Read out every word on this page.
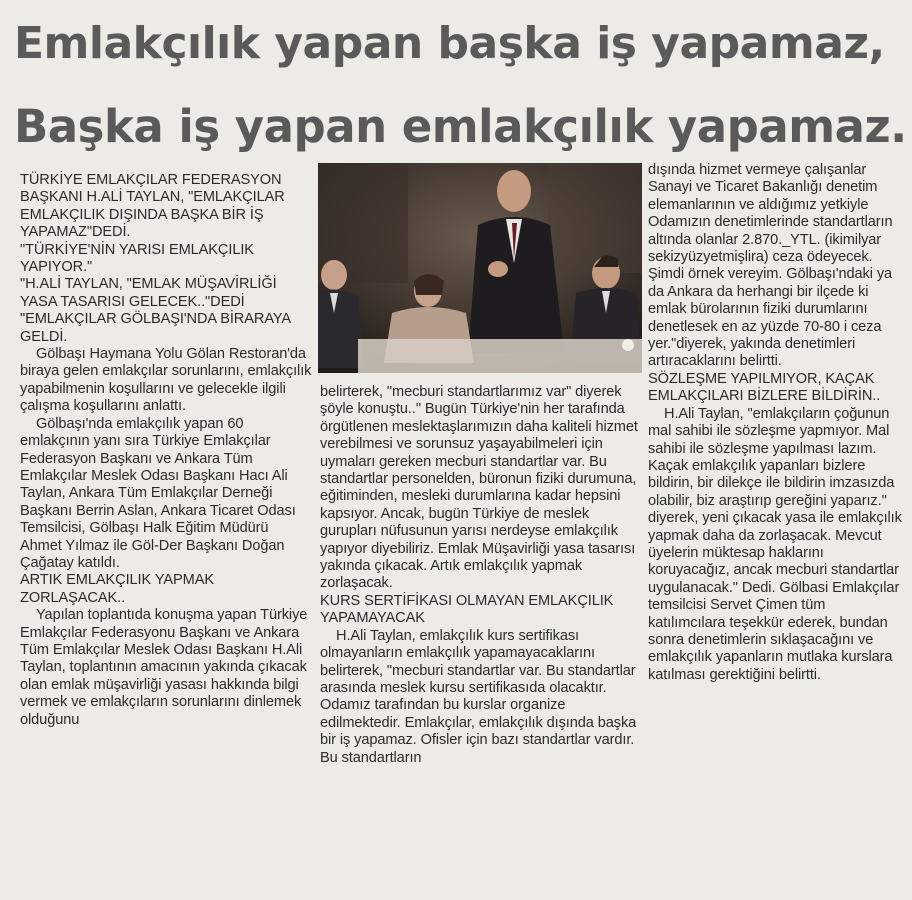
Emlakçılık yapan başka iş yapamaz,
Başka iş yapan emlakçılık yapamaz.

TÜRKİYE EMLAKÇILAR FEDERASYON BAŞKANI H.ALİ TAYLAN, "EMLAKÇILAR EMLAKÇILIK DIŞINDA BAŞKA BİR İŞ YAPAMAZ"DEDİ.

"TÜRKİYE'NİN YARISI EMLAKÇILIK YAPIYOR."

"H.ALİ TAYLAN, "EMLAK MÜŞAVİRLİĞİ YASA TASARISI GELECEK.."DEDİ

"EMLAKÇILAR GÖLBAŞI'NDA BİRARAYA GELDİ.

Gölbaşı Haymana Yolu Gölan Restoran'da biraya gelen emlakçılar sorunlarını, emlakçılık yapabilmenin koşullarını ve gelecekle ilgili çalışma koşullarını anlattı.

Gölbaşı'nda emlakçılık yapan 60 emlakçının yanı sıra Türkiye Emlakçılar Federasyon Başkanı ve Ankara Tüm Emlakçılar Meslek Odası Başkanı Hacı Ali Taylan, Ankara Tüm Emlakçılar Derneği Başkanı Berrin Aslan, Ankara Ticaret Odası Temsilcisi, Gölbaşı Halk Eğitim Müdürü Ahmet Yılmaz ile Göl-Der Başkanı Doğan Çağatay katıldı.

ARTIK EMLAKÇILIK YAPMAK ZORLAŞACAK..

Yapılan toplantıda konuşma yapan Türkiye Emlakçılar Federasyonu Başkanı ve Ankara Tüm Emlakçılar Meslek Odası Başkanı H.Ali Taylan, toplantının amacının yakında çıkacak olan emlak müşavirliği yasası hakkında bilgi vermek ve emlakçıların sorunlarını dinlemek olduğunu

belirterek, "mecburi standartlarımız var" diyerek şöyle konuştu.." Bugün Türkiye'nin her tarafında örgütlenen meslektaşlarımızın daha kaliteli hizmet verebilmesi ve sorunsuz yaşayabilmeleri için uymaları gereken mecburi standartlar var. Bu standartlar personelden, büronun fiziki durumuna, eğitiminden, mesleki durumlarına kadar hepsini kapsıyor. Ancak, bugün Türkiye de meslek gurupları nüfusunun yarısı nerdeyse emlakçılık yapıyor diyebiliriz. Emlak Müşavirliği yasa tasarısı yakında çıkacak. Artık emlakçılık yapmak zorlaşacak.

KURS SERTİFİKASI OLMAYAN EMLAKÇILIK YAPAMAYACAK

H.Ali Taylan, emlakçılık kurs sertifikası olmayanların emlakçılık yapamayacaklarını belirterek, "mecburi standartlar var. Bu standartlar arasında meslek kursu sertifikasıda olacaktır. Odamız tarafından bu kurslar organize edilmektedir. Emlakçılar, emlakçılık dışında başka bir iş yapamaz. Ofisler için bazı standartlar vardır. Bu standartların

dışında hizmet vermeye çalışanlar Sanayi ve Ticaret Bakanlığı denetim elemanlarının ve aldığımız yetkiyle Odamızın denetimlerinde standartların altında olanlar 2.870._YTL. (ikimilyar sekizyüzyetmişlira) ceza ödeyecek. Şimdi örnek vereyim. Gölbaşı'ndaki ya da Ankara da herhangi bir ilçede ki emlak bürolarının fiziki durumlarını denetlesek en az yüzde 70-80 i ceza yer."diyerek, yakında denetimleri artıracaklarını belirtti.

SÖZLEŞME YAPILMIYOR, KAÇAK EMLAKÇILARI BİZLERE BİLDİRİN..

H.Ali Taylan, "emlakçıların çoğunun mal sahibi ile sözleşme yapmıyor. Mal sahibi ile sözleşme yapılması lazım. Kaçak emlakçılık yapanları bizlere bildirin, bir dilekçe ile bildirin imzasızda olabilir, biz araştırıp gereğini yaparız." diyerek, yeni çıkacak yasa ile emlakçılık yapmak daha da zorlaşacak. Mevcut üyelerin müktesap haklarını koruyacağız, ancak mecburi standartlar uygulanacak." Dedi. Gölbasi Emlakçılar temsilcisi Servet Çimen tüm katılımcılara teşekkür ederek, bundan sonra denetimlerin sıklaşacağını ve emlakçılık yapanların mutlaka kurslara katılması gerektiğini belirtti.
